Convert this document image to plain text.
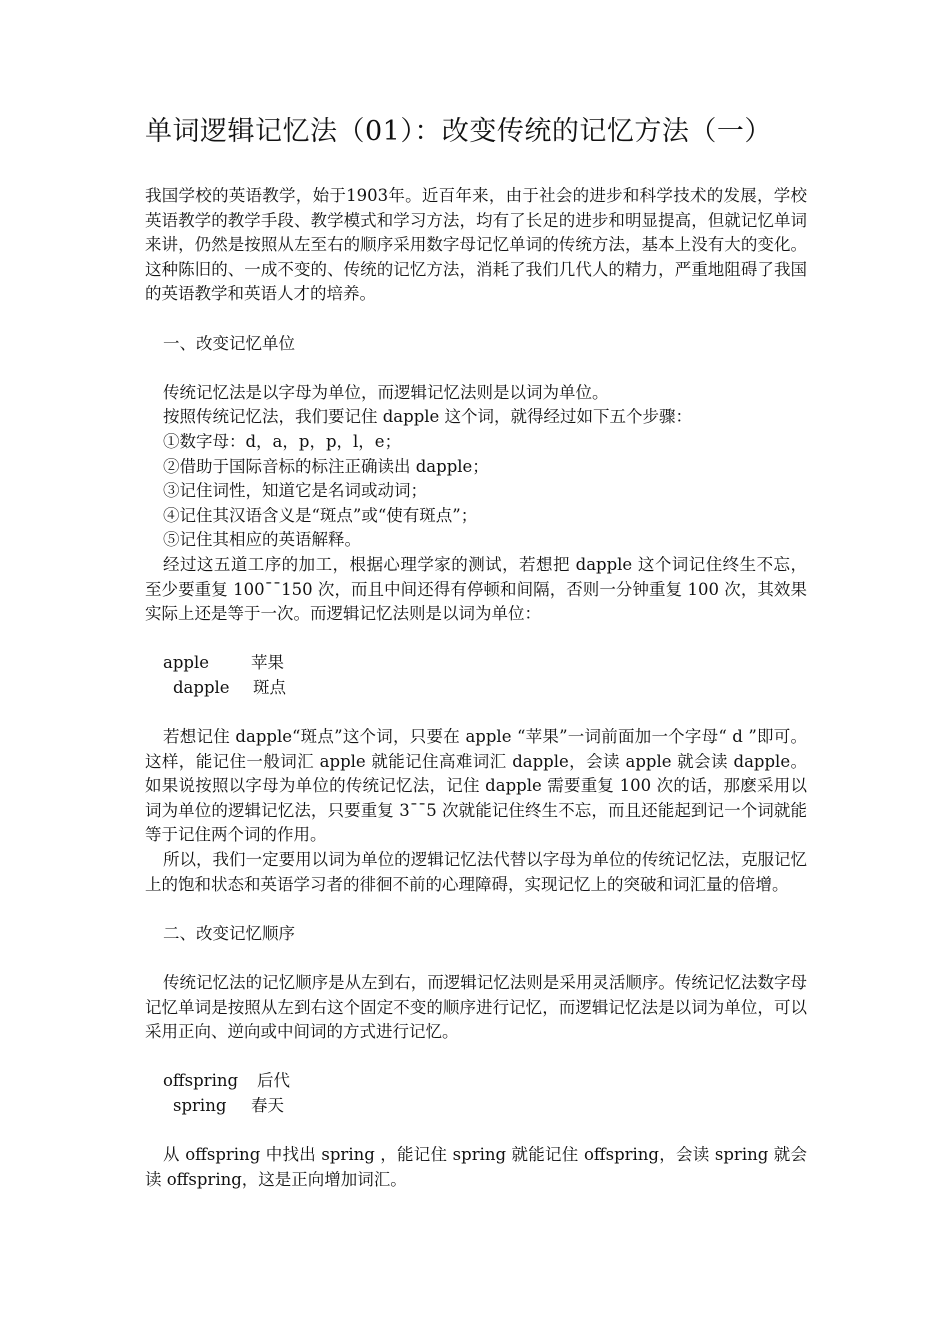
单词逻辑记忆法（01）：改变传统的记忆方法（一）

我国学校的英语教学，始于1903年。近百年来，由于社会的进步和科学技术的发展，学校英语教学的教学手段、教学模式和学习方法，均有了长足的进步和明显提高，但就记忆单词来讲，仍然是按照从左至右的顺序采用数字母记忆单词的传统方法，基本上没有大的变化。这种陈旧的、一成不变的、传统的记忆方法，消耗了我们几代人的精力，严重地阻碍了我国的英语教学和英语人才的培养。

一、改变记忆单位

传统记忆法是以字母为单位，而逻辑记忆法则是以词为单位。

按照传统记忆法，我们要记住 dapple 这个词，就得经过如下五个步骤：

①数字母：d，a，p，p，l，e；

②借助于国际音标的标注正确读出 dapple；

③记住词性，知道它是名词或动词；

④记住其汉语含义是“斑点”或“使有斑点”；

⑤记住其相应的英语解释。

经过这五道工序的加工，根据心理学家的测试，若想把 dapple 这个词记住终生不忘，至少要重复 100¯¯150 次，而且中间还得有停顿和间隔，否则一分钟重复 100 次，其效果实际上还是等于一次。而逻辑记忆法则是以词为单位：

apple	苹果
dapple	斑点

若想记住 dapple“斑点”这个词，只要在 apple “苹果”一词前面加一个字母“ d ”即可。这样，能记住一般词汇 apple 就能记住高难词汇 dapple，会读 apple 就会读 dapple。如果说按照以字母为单位的传统记忆法，记住 dapple 需要重复 100 次的话，那麽采用以词为单位的逻辑记忆法，只要重复 3¯¯5 次就能记住终生不忘，而且还能起到记一个词就能等于记住两个词的作用。

所以，我们一定要用以词为单位的逻辑记忆法代替以字母为单位的传统记忆法，克服记忆上的饱和状态和英语学习者的徘徊不前的心理障碍，实现记忆上的突破和词汇量的倍增。

二、改变记忆顺序

传统记忆法的记忆顺序是从左到右，而逻辑记忆法则是采用灵活顺序。传统记忆法数字母记忆单词是按照从左到右这个固定不变的顺序进行记忆，而逻辑记忆法是以词为单位，可以采用正向、逆向或中间词的方式进行记忆。

offspring	后代
spring	春天

从 offspring 中找出 spring ，能记住 spring 就能记住 offspring，会读 spring 就会读 offspring，这是正向增加词汇。
